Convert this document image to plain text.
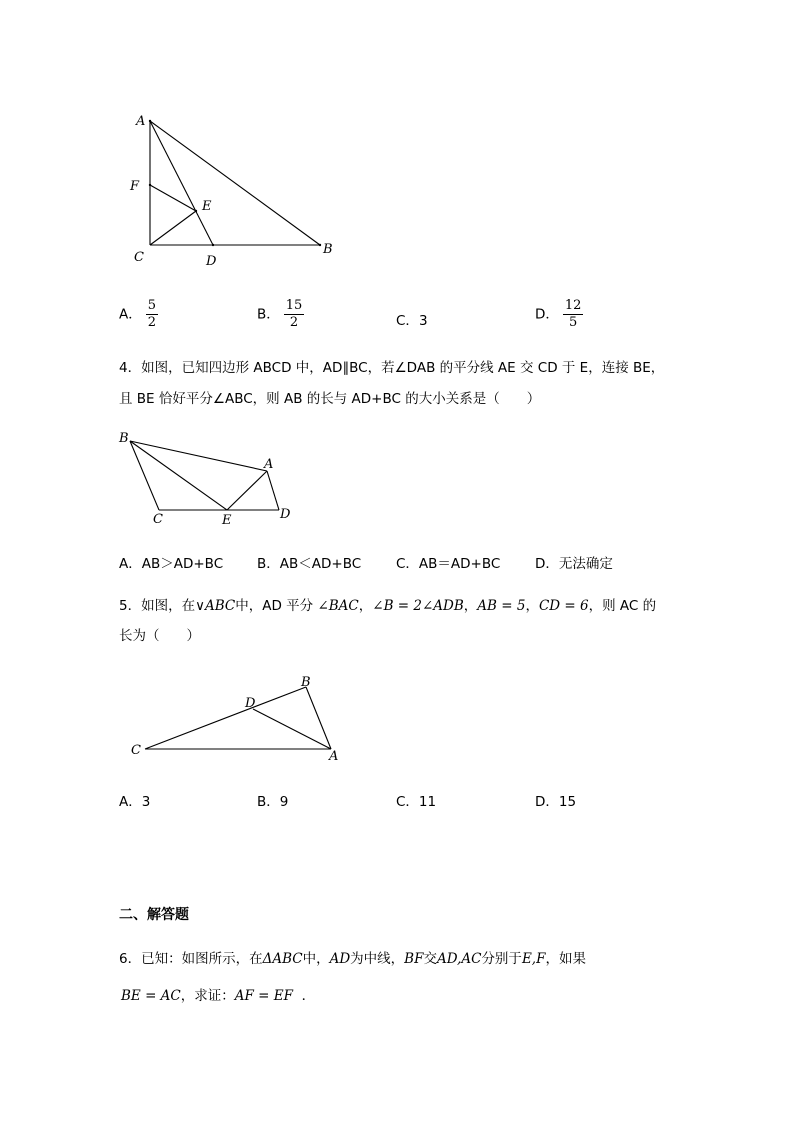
A
F
E
C	D
B
A． $\frac{5}{2}$	B． $\frac{15}{2}$	C．3	D． $\frac{12}{5}$
4．如图，已知四边形 ABCD 中，AD∥BC，若∠DAB 的平分线 AE 交 CD 于 E，连接 BE，
且 BE 恰好平分∠ABC，则 AB 的长与 AD+BC 的大小关系是（　　）
B
A
C	E	D
A．AB＞AD+BC	B．AB＜AD+BC	C．AB＝AD+BC	D．无法确定
5．如图，在∨ABC中，AD 平分 ∠BAC，∠B = 2∠ADB，AB = 5，CD = 6，则 AC 的
长为（　　）
B
D
C	A
A．3	B．9	C．11	D．15
二、解答题
6．已知：如图所示，在ΔABC中，AD为中线，BF交AD,AC分别于E,F，如果
BE = AC，求证：AF = EF ．
